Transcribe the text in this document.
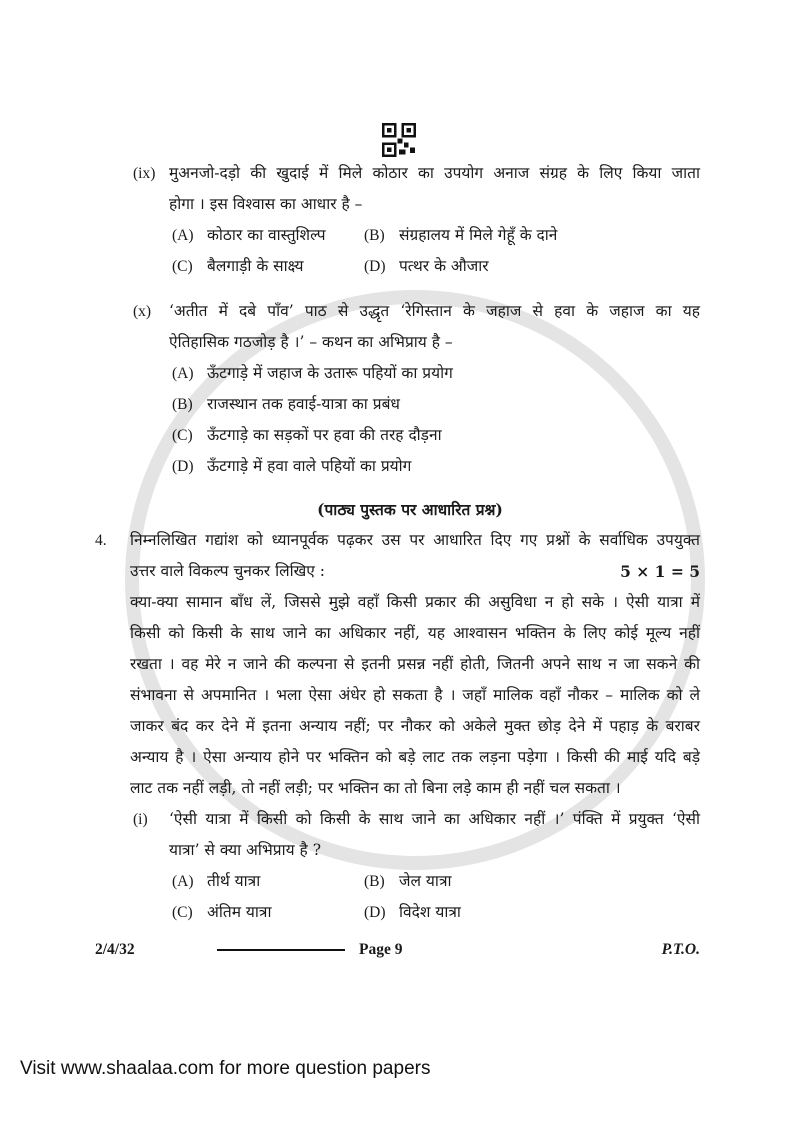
(ix) मुअनजो-दड़ो की खुदाई में मिले कोठार का उपयोग अनाज संग्रह के लिए किया जाता
होगा । इस विश्वास का आधार है –
(A) कोठार का वास्तुशिल्प (B) संग्रहालय में मिले गेहूँ के दाने
(C) बैलगाड़ी के साक्ष्य	(D) पत्थर के औजार
(x)	‘अतीत में दबे पाँव’ पाठ से उद्धृत ‘रेगिस्तान के जहाज से हवा के जहाज का यह
ऐतिहासिक गठजोड़ है ।’ – कथन का अभिप्राय है –
(A) ऊँटगाड़े में जहाज के उतारू पहियों का प्रयोग
(B) राजस्थान तक हवाई-यात्रा का प्रबंध
(C) ऊँटगाड़े का सड़कों पर हवा की तरह दौड़ना
(D) ऊँटगाड़े में हवा वाले पहियों का प्रयोग
(पाठ्य पुस्तक पर आधारित प्रश्न)
4.	निम्नलिखित गद्यांश को ध्यानपूर्वक पढ़कर उस पर आधारित दिए गए प्रश्नों के सर्वाधिक उपयुक्त
उत्तर वाले विकल्प चुनकर लिखिए :	5 × 1 = 5
क्या-क्या सामान बाँध लें, जिससे मुझे वहाँ किसी प्रकार की असुविधा न हो सके । ऐसी यात्रा में
किसी को किसी के साथ जाने का अधिकार नहीं, यह आश्वासन भक्तिन के लिए कोई मूल्य नहीं
रखता । वह मेरे न जाने की कल्पना से इतनी प्रसन्न नहीं होती, जितनी अपने साथ न जा सकने की
संभावना से अपमानित । भला ऐसा अंधेर हो सकता है । जहाँ मालिक वहाँ नौकर – मालिक को ले
जाकर बंद कर देने में इतना अन्याय नहीं; पर नौकर को अकेले मुक्त छोड़ देने में पहाड़ के बराबर
अन्याय है । ऐसा अन्याय होने पर भक्तिन को बड़े लाट तक लड़ना पड़ेगा । किसी की माई यदि बड़े
लाट तक नहीं लड़ी, तो नहीं लड़ी; पर भक्तिन का तो बिना लड़े काम ही नहीं चल सकता ।
(i)	‘ऐसी यात्रा में किसी को किसी के साथ जाने का अधिकार नहीं ।’ पंक्ति में प्रयुक्त ‘ऐसी
यात्रा’ से क्या अभिप्राय है ?
(A) तीर्थ यात्रा	(B) जेल यात्रा
(C) अंतिम यात्रा	(D) विदेश यात्रा
2/4/32	Page 9	P.T.O.
Visit www.shaalaa.com for more question papers
